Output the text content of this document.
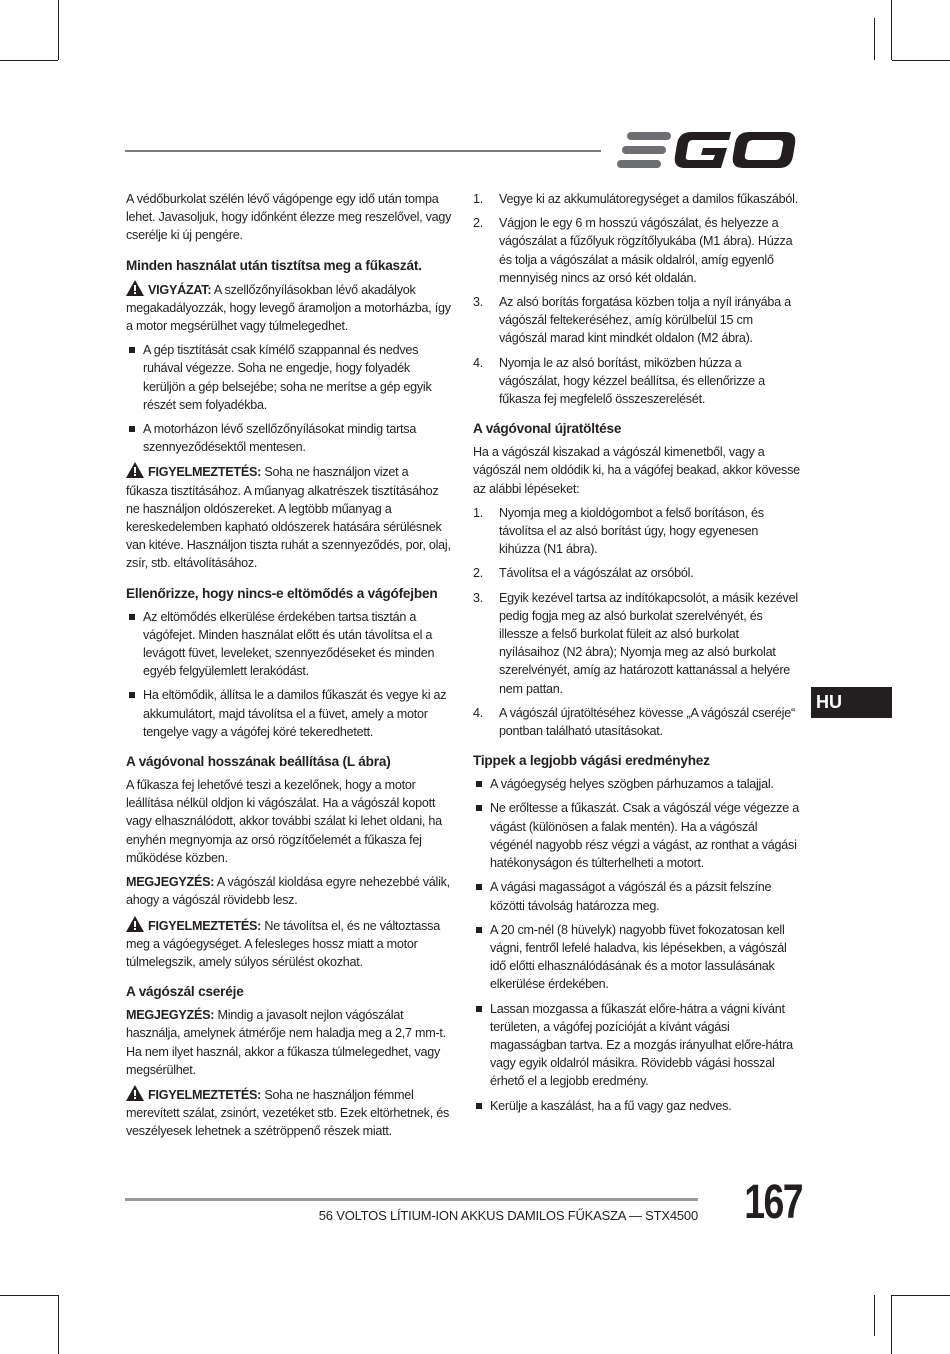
A védőburkolat szélén lévő vágópenge egy idő után tompa lehet. Javasoljuk, hogy időnként élezze meg reszelővel, vagy cserélje ki új pengére.

Minden használat után tisztítsa meg a fűkaszát.

VIGYÁZAT: A szellőzőnyílásokban lévő akadályok megakadályozzák, hogy levegő áramoljon a motorházba, így a motor megsérülhet vagy túlmelegedhet.

A gép tisztítását csak kímélő szappannal és nedves ruhával végezze. Soha ne engedje, hogy folyadék kerüljön a gép belsejébe; soha ne merítse a gép egyik részét sem folyadékba.
A motorházon lévő szellőzőnyílásokat mindig tartsa szennyeződésektől mentesen.

FIGYELMEZTETÉS: Soha ne használjon vizet a fűkasza tisztításához. A műanyag alkatrészek tisztításához ne használjon oldószereket. A legtöbb műanyag a kereskedelemben kapható oldószerek hatására sérülésnek van kitéve. Használjon tiszta ruhát a szennyeződés, por, olaj, zsír, stb. eltávolításához.

Ellenőrizze, hogy nincs-e eltömődés a vágófejben
Az eltömődés elkerülése érdekében tartsa tisztán a vágófejet. Minden használat előtt és után távolítsa el a levágott füvet, leveleket, szennyeződéseket és minden egyéb felgyülemlett lerakódást.
Ha eltömődik, állítsa le a damilos fűkaszát és vegye ki az akkumulátort, majd távolítsa el a füvet, amely a motor tengelye vagy a vágófej köré tekeredhetett.
A vágóvonal hosszának beállítása (L ábra)

A fűkasza fej lehetővé teszi a kezelőnek, hogy a motor leállítása nélkül oldjon ki vágószálat. Ha a vágószál kopott vagy elhasználódott, akkor további szálat ki lehet oldani, ha enyhén megnyomja az orsó rögzítőelemét a fűkasza fej működése közben.

MEGJEGYZÉS: A vágószál kioldása egyre nehezebbé válik, ahogy a vágószál rövidebb lesz.

FIGYELMEZTETÉS: Ne távolítsa el, és ne változtassa meg a vágóegységet. A felesleges hossz miatt a motor túlmelegszik, amely súlyos sérülést okozhat.

A vágószál cseréje

MEGJEGYZÉS: Mindig a javasolt nejlon vágószálat használja, amelynek átmérője nem haladja meg a 2,7 mm-t. Ha nem ilyet használ, akkor a fűkasza túlmelegedhet, vagy megsérülhet.

FIGYELMEZTETÉS: Soha ne használjon fémmel merevített szálat, zsinórt, vezetéket stb. Ezek eltörhetnek, és veszélyesek lehetnek a szétröppenő részek miatt.

1. Vegye ki az akkumulátoregységet a damilos fűkaszából.
2. Vágjon le egy 6 m hosszú vágószálat, és helyezze a vágószálat a fűzőlyuk rögzítőlyukába (M1 ábra). Húzza és tolja a vágószálat a másik oldalról, amíg egyenlő mennyiség nincs az orsó két oldalán.
3. Az alsó borítás forgatása közben tolja a nyíl irányába a vágószál feltekeréséhez, amíg körülbelül 15 cm vágószál marad kint mindkét oldalon (M2 ábra).
4. Nyomja le az alsó borítást, miközben húzza a vágószálat, hogy kézzel beállítsa, és ellenőrizze a fűkasza fej megfelelő összeszerelését.
A vágóvonal újratöltése

Ha a vágószál kiszakad a vágószál kimenetből, vagy a vágószál nem oldódik ki, ha a vágófej beakad, akkor kövesse az alábbi lépéseket:

1. Nyomja meg a kioldógombot a felső borításon, és távolítsa el az alsó borítást úgy, hogy egyenesen kihúzza (N1 ábra).
2. Távolítsa el a vágószálat az orsóból.
3. Egyik kezével tartsa az indítókapcsolót, a másik kezével pedig fogja meg az alsó burkolat szerelvényét, és illessze a felső burkolat füleit az alsó burkolat nyílásaihoz (N2 ábra); Nyomja meg az alsó burkolat szerelvényét, amíg az határozott kattanással a helyére nem pattan.
4. A vágószál újratöltéséhez kövesse „A vágószál cseréje“ pontban található utasításokat.
Tippek a legjobb vágási eredményhez
A vágóegység helyes szögben párhuzamos a talajjal.
Ne erőltesse a fűkaszát. Csak a vágószál vége végezze a vágást (különösen a falak mentén). Ha a vágószál végénél nagyobb rész végzi a vágást, az ronthat a vágási hatékonyságon és túlterhelheti a motort.
A vágási magasságot a vágószál és a pázsit felszíne közötti távolság határozza meg.
A 20 cm-nél (8 hüvelyk) nagyobb füvet fokozatosan kell vágni, fentről lefelé haladva, kis lépésekben, a vágószál idő előtti elhasználódásának és a motor lassulásának elkerülése érdekében.
Lassan mozgassa a fűkaszát előre-hátra a vágni kívánt területen, a vágófej pozícióját a kívánt vágási magasságban tartva. Ez a mozgás irányulhat előre-hátra vagy egyik oldalról másikra. Rövidebb vágási hosszal érhető el a legjobb eredmény.
Kerülje a kaszálást, ha a fű vagy gaz nedves.
HU
56 VOLTOS LÍTIUM-ION AKKUS DAMILOS FŰKASZA — STX4500 167
